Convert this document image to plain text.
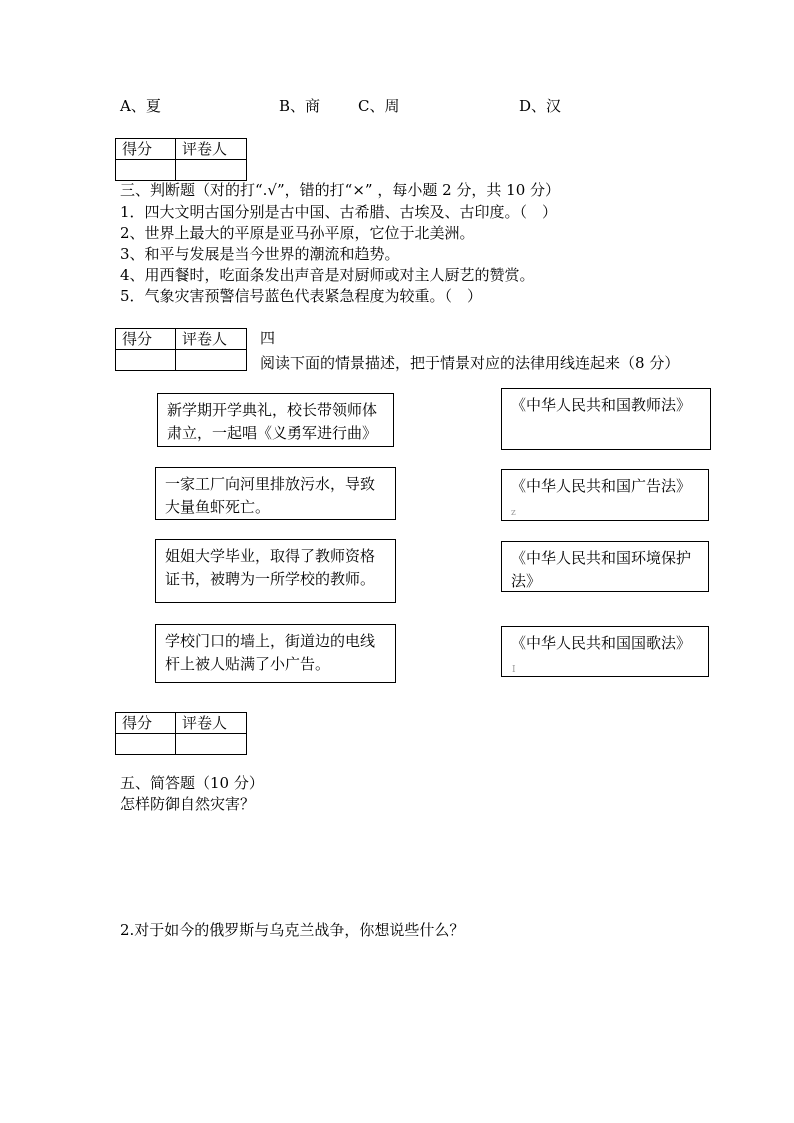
A、夏	B、商	C、周	D、汉
得分	评卷人

三、判断题（对的打“.√”，错的打“×” ，每小题 2 分，共 10 分）
1．四大文明古国分别是古中国、古希腊、古埃及、古印度。（　）
2、世界上最大的平原是亚马孙平原，它位于北美洲。
3、和平与发展是当今世界的潮流和趋势。
4、用西餐时，吃面条发出声音是对厨师或对主人厨艺的赞赏。
5．气象灾害预警信号蓝色代表紧急程度为较重。（　）
得分	评卷人
	四
阅读下面的情景描述，把于情景对应的法律用线连起来（8 分）
新学期开学典礼，校长带领师体肃立，一起唱《义勇军进行曲》
一家工厂向河里排放污水，导致大量鱼虾死亡。
姐姐大学毕业，取得了教师资格证书，被聘为一所学校的教师。
学校门口的墙上，街道边的电线杆上被人贴满了小广告。
《中华人民共和国教师法》
《中华人民共和国广告法》
z
《中华人民共和国环境保护法》
《中华人民共和国国歌法》
I
得分	评卷人

五、简答题（10 分）
怎样防御自然灾害？
2.对于如今的俄罗斯与乌克兰战争，你想说些什么？
